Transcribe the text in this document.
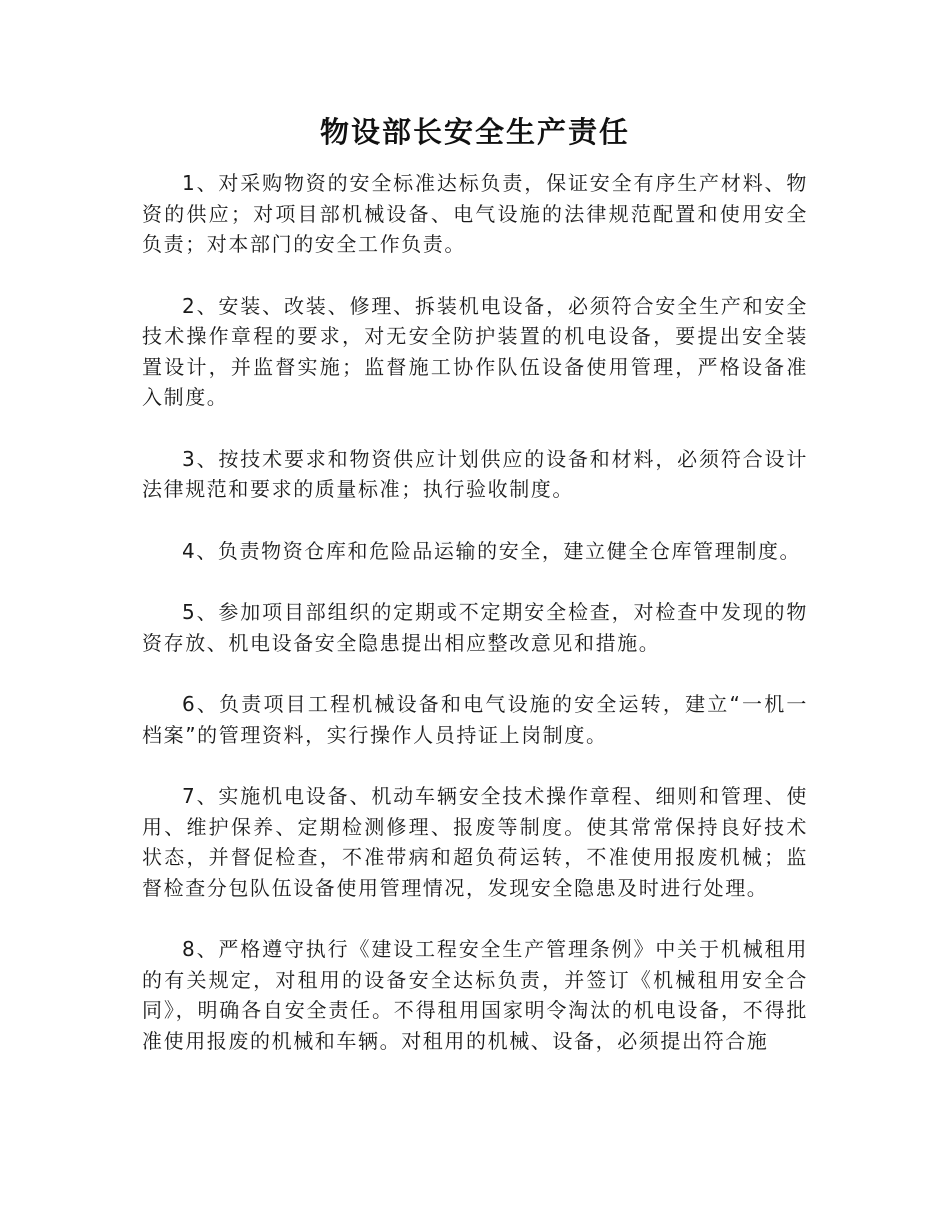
物设部长安全生产责任

1、对采购物资的安全标准达标负责，保证安全有序生产材料、物资的供应；对项目部机械设备、电气设施的法律规范配置和使用安全负责；对本部门的安全工作负责。

2、安装、改装、修理、拆装机电设备，必须符合安全生产和安全技术操作章程的要求，对无安全防护装置的机电设备，要提出安全装置设计，并监督实施；监督施工协作队伍设备使用管理，严格设备准入制度。

3、按技术要求和物资供应计划供应的设备和材料，必须符合设计法律规范和要求的质量标准；执行验收制度。

4、负责物资仓库和危险品运输的安全，建立健全仓库管理制度。

5、参加项目部组织的定期或不定期安全检查，对检查中发现的物资存放、机电设备安全隐患提出相应整改意见和措施。

6、负责项目工程机械设备和电气设施的安全运转，建立“一机一档案”的管理资料，实行操作人员持证上岗制度。

7、实施机电设备、机动车辆安全技术操作章程、细则和管理、使用、维护保养、定期检测修理、报废等制度。使其常常保持良好技术状态，并督促检查，不准带病和超负荷运转，不准使用报废机械；监督检查分包队伍设备使用管理情况，发现安全隐患及时进行处理。

8、严格遵守执行《建设工程安全生产管理条例》中关于机械租用的有关规定，对租用的设备安全达标负责，并签订《机械租用安全合同》，明确各自安全责任。不得租用国家明令淘汰的机电设备，不得批准使用报废的机械和车辆。对租用的机械、设备，必须提出符合施
